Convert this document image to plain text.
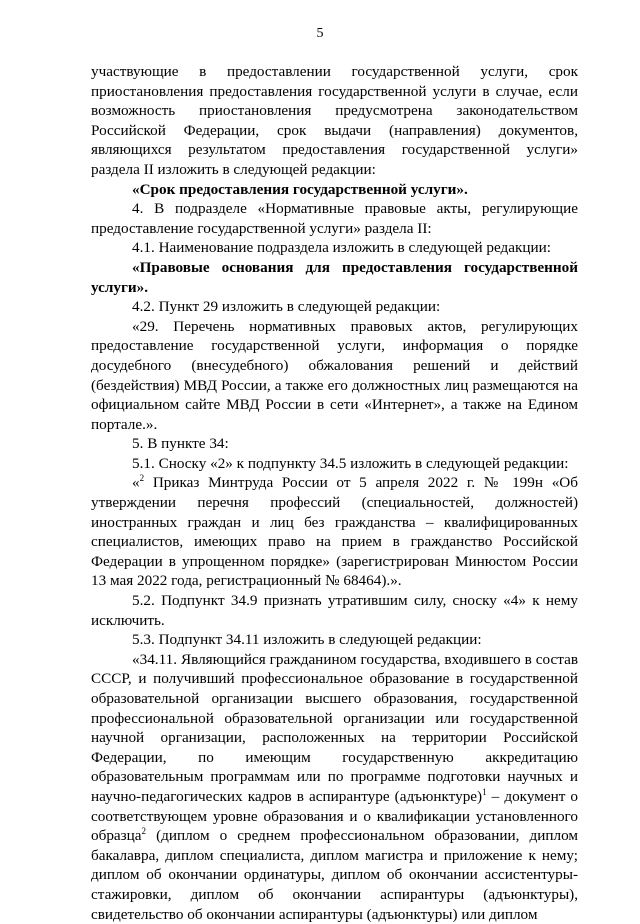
5

участвующие в предоставлении государственной услуги, срок приостановления предоставления государственной услуги в случае, если возможность приостановления предусмотрена законодательством Российской Федерации, срок выдачи (направления) документов, являющихся результатом предоставления государственной услуги» раздела II изложить в следующей редакции:

«Срок предоставления государственной услуги».

4. В подразделе «Нормативные правовые акты, регулирующие предоставление государственной услуги» раздела II:

4.1. Наименование подраздела изложить в следующей редакции:

«Правовые основания для предоставления государственной услуги».

4.2. Пункт 29 изложить в следующей редакции:

«29. Перечень нормативных правовых актов, регулирующих предоставление государственной услуги, информация о порядке досудебного (внесудебного) обжалования решений и действий (бездействия) МВД России, а также его должностных лиц размещаются на официальном сайте МВД России в сети «Интернет», а также на Едином портале.».

5. В пункте 34:

5.1. Сноску «2» к подпункту 34.5 изложить в следующей редакции:

«$^2$ Приказ Минтруда России от 5 апреля 2022 г. № 199н «Об утверждении перечня профессий (специальностей, должностей) иностранных граждан и лиц без гражданства – квалифицированных специалистов, имеющих право на прием в гражданство Российской Федерации в упрощенном порядке» (зарегистрирован Минюстом России 13 мая 2022 года, регистрационный № 68464).».

5.2. Подпункт 34.9 признать утратившим силу, сноску «4» к нему исключить.

5.3. Подпункт 34.11 изложить в следующей редакции:

«34.11. Являющийся гражданином государства, входившего в состав СССР, и получивший профессиональное образование в государственной образовательной организации высшего образования, государственной профессиональной образовательной организации или государственной научной организации, расположенных на территории Российской Федерации, по имеющим государственную аккредитацию образовательным программам или по программе подготовки научных и научно-педагогических кадров в аспирантуре (адъюнктуре)$^1$ – документ о соответствующем уровне образования и о квалификации установленного образца$^2$ (диплом о среднем профессиональном образовании, диплом бакалавра, диплом специалиста, диплом магистра и приложение к нему; диплом об окончании ординатуры, диплом об окончании ассистентуры-стажировки, диплом об окончании аспирантуры (адъюнктуры), свидетельство об окончании аспирантуры (адъюнктуры) или диплом
